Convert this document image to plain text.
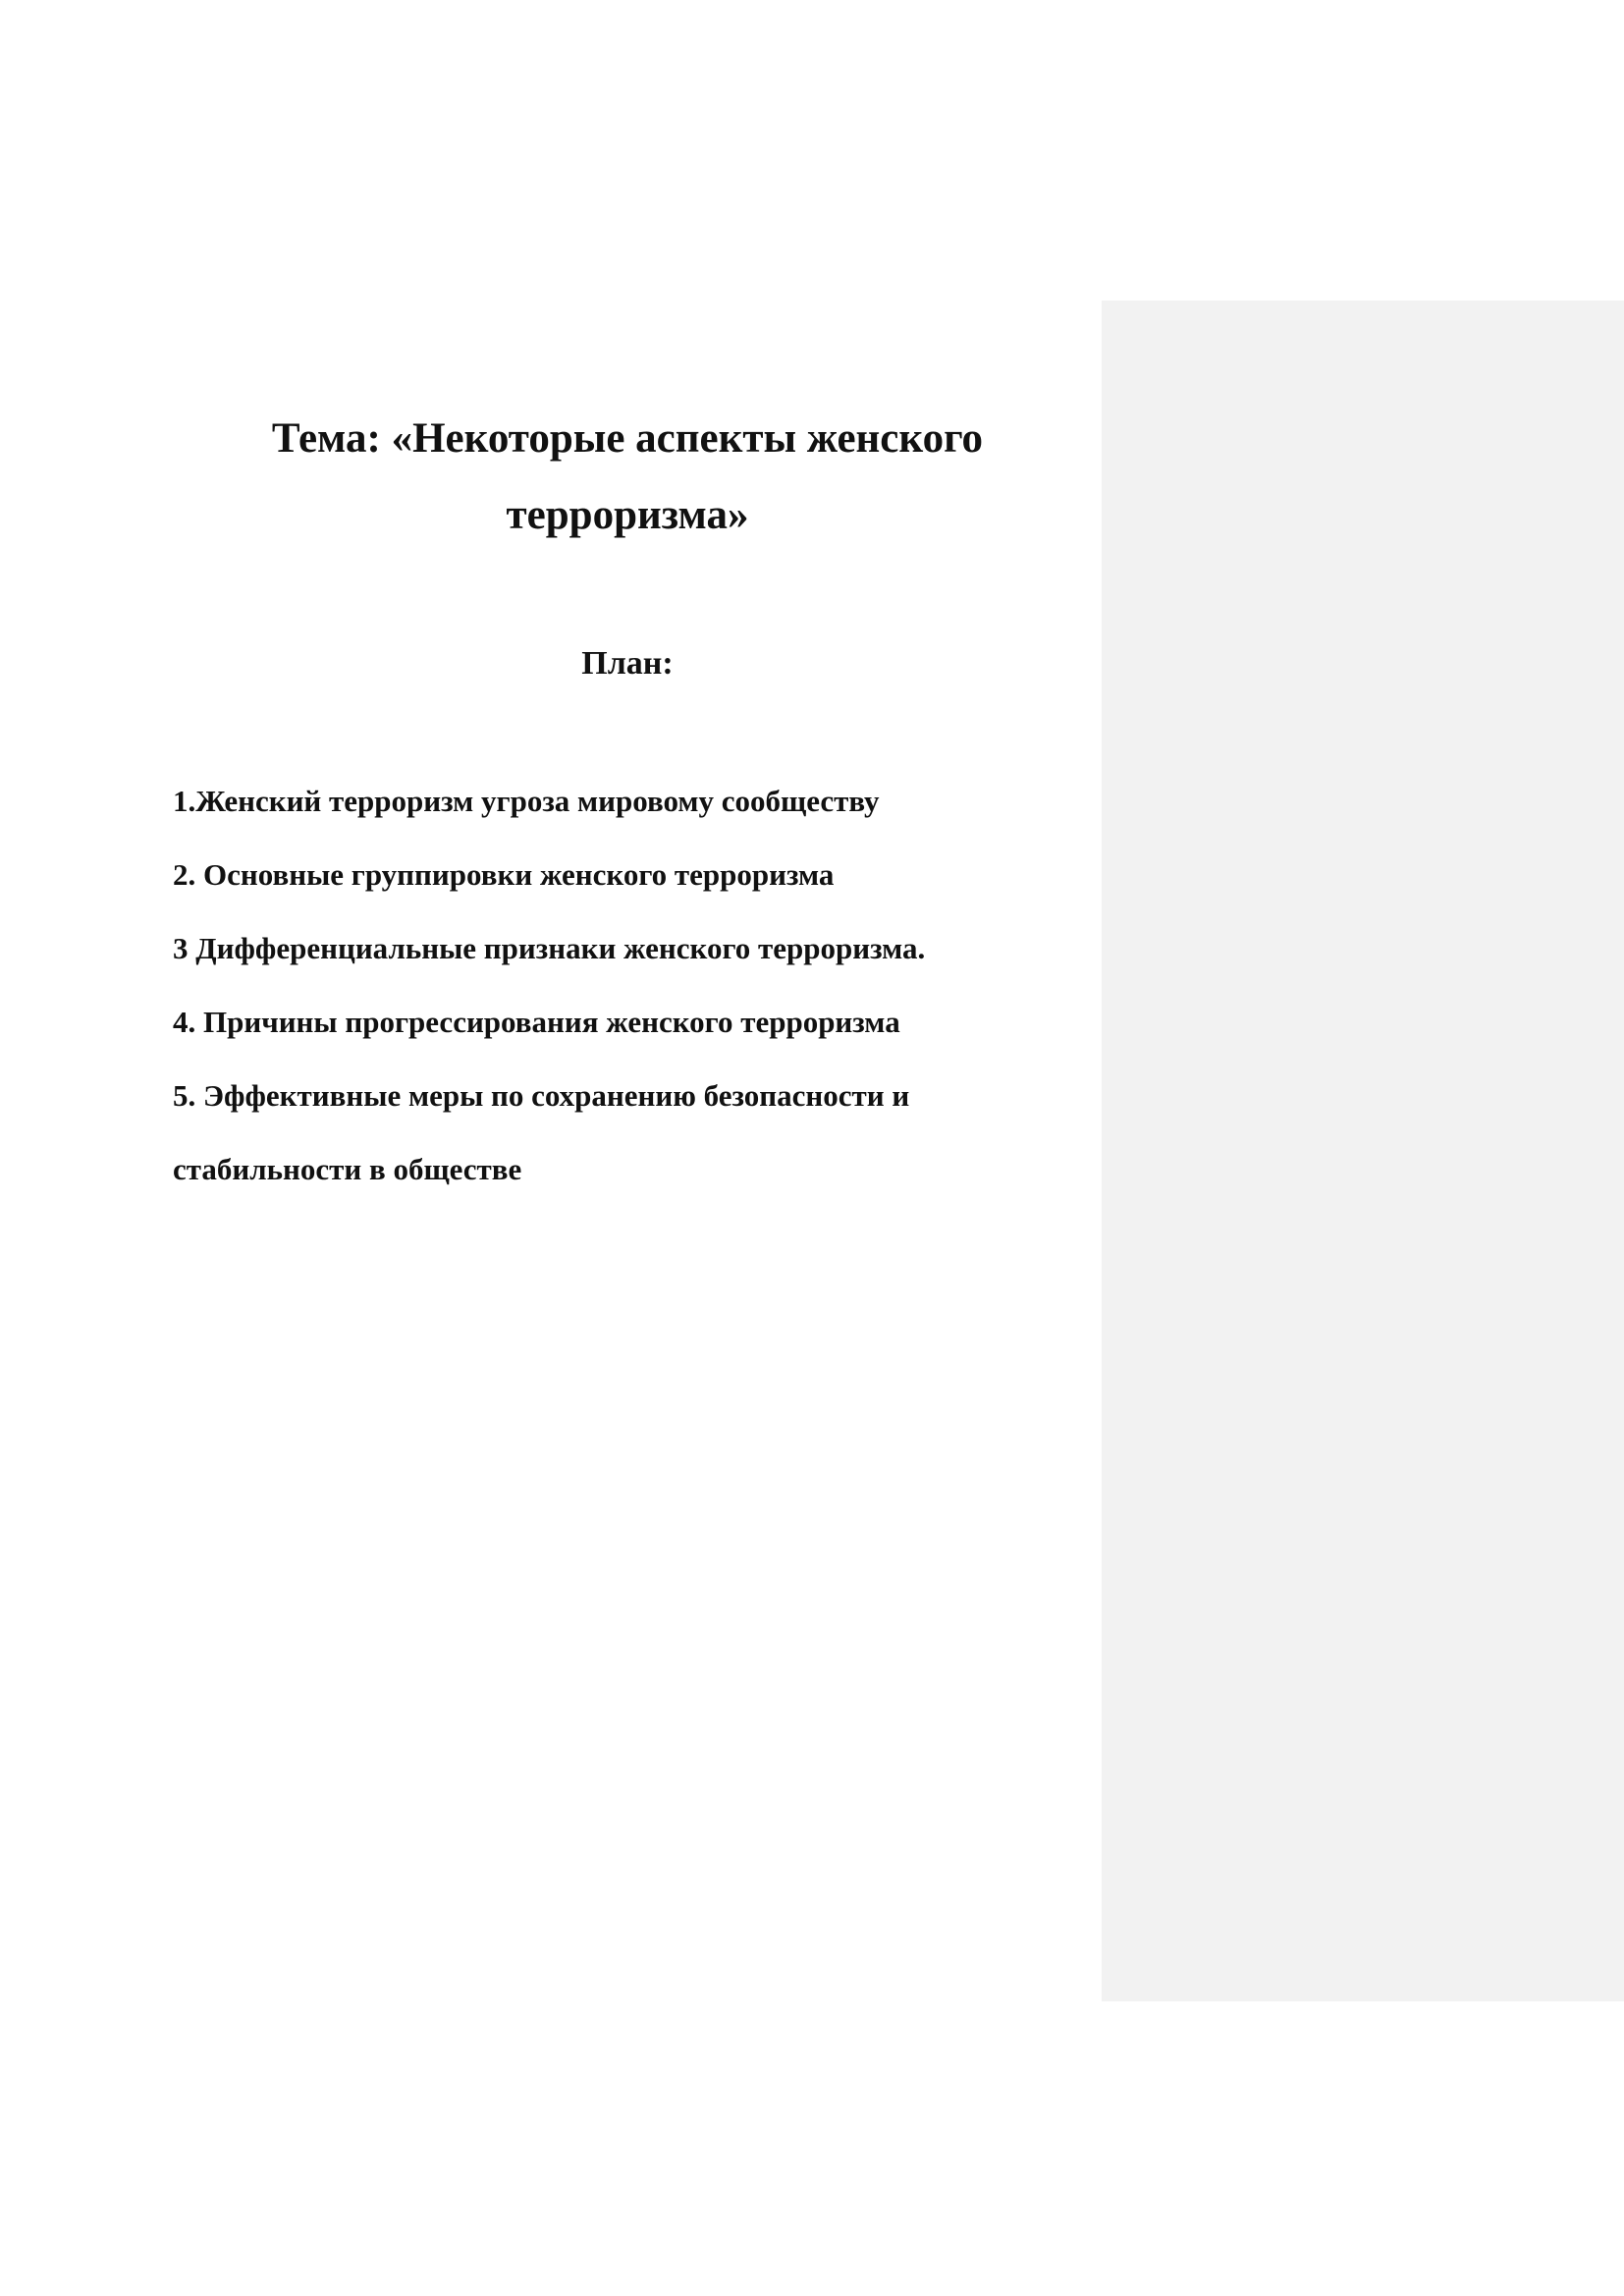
Тема: «Некоторые аспекты женского
терроризма»
План:
1.Женский терроризм угроза мировому сообществу
2. Основные группировки женского терроризма
3 Дифференциальные признаки женского терроризма.
4. Причины прогрессирования женского терроризма
5. Эффективные меры по сохранению безопасности и
стабильности в обществе
